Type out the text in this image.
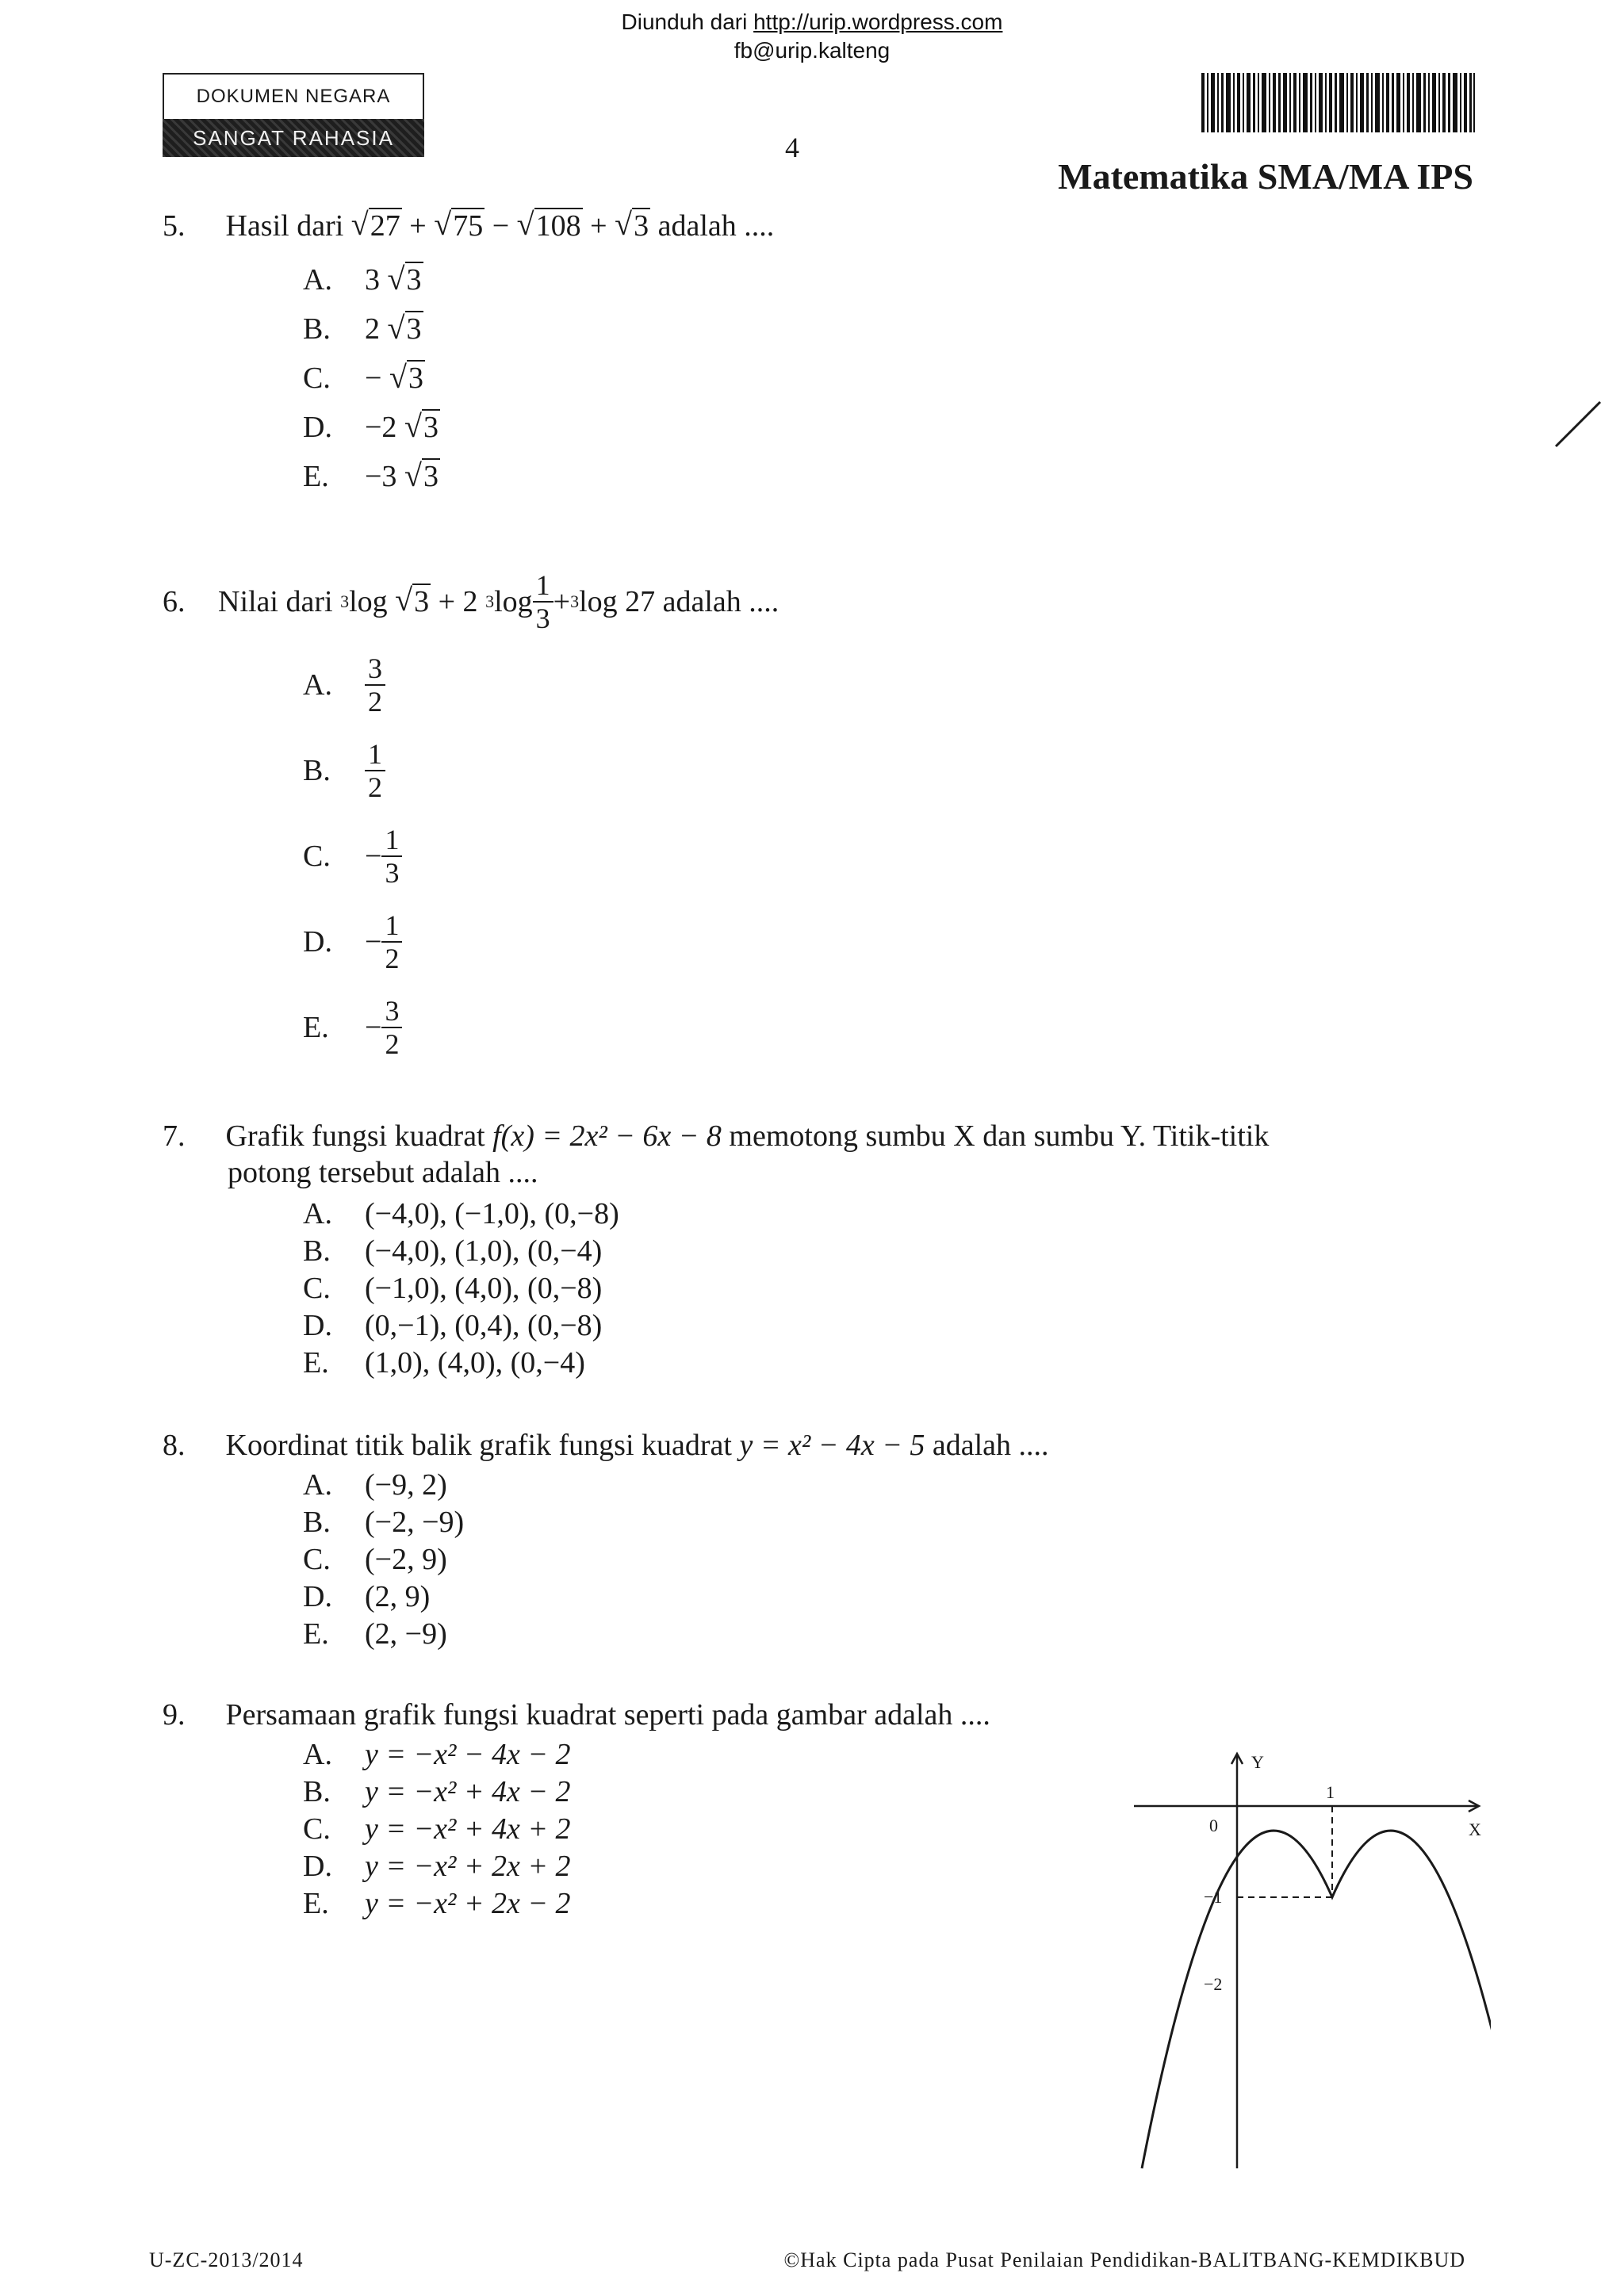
Diunduh dari http://urip.wordpress.com
fb@urip.kalteng
DOKUMEN NEGARA
SANGAT RAHASIA	4
Matematika SMA/MA IPS
5. Hasil dari √ 27 + √ 75 − √ 108 + √ 3 adalah ....
A. 3 √ 3
B. 2 √ 3
C. − √ 3
D. −2 √ 3
E. −3 √ 3
6.	Nilai dari
3 log
√ 3
+ 2
3 $\log \frac{1}{3} + 3$ log
27
adalah ....
A.	$\frac{3}{2}$
B.	$\frac{1}{2}$
C.	− $\frac{1}{3}$
D.	− $\frac{1}{2}$
E.	− $\frac{3}{2}$
7. Grafik fungsi kuadrat f(x) = 2x² − 6x − 8 memotong sumbu X dan sumbu Y. Titik-titik
potong tersebut adalah ....
A. (−4,0), (−1,0), (0,−8)
B. (−4,0), (1,0), (0,−4)
C. (−1,0), (4,0), (0,−8)
D. (0,−1), (0,4), (0,−8)
E. (1,0), (4,0), (0,−4)
8. Koordinat titik balik grafik fungsi kuadrat y = x² − 4x − 5 adalah ....
A. (−9, 2)
B. (−2, −9)
C. (−2, 9)
D. (2, 9)
E. (2, −9)
9. Persamaan grafik fungsi kuadrat seperti pada gambar adalah ....
A. y = −x² − 4x − 2
B. y = −x² + 4x − 2
C. y = −x² + 4x + 2
D. y = −x² + 2x + 2
E. y = −x² + 2x − 2
Y
X
0
1
−1
−2
U-ZC-2013/2014	©Hak Cipta pada Pusat Penilaian Pendidikan-BALITBANG-KEMDIKBUD
